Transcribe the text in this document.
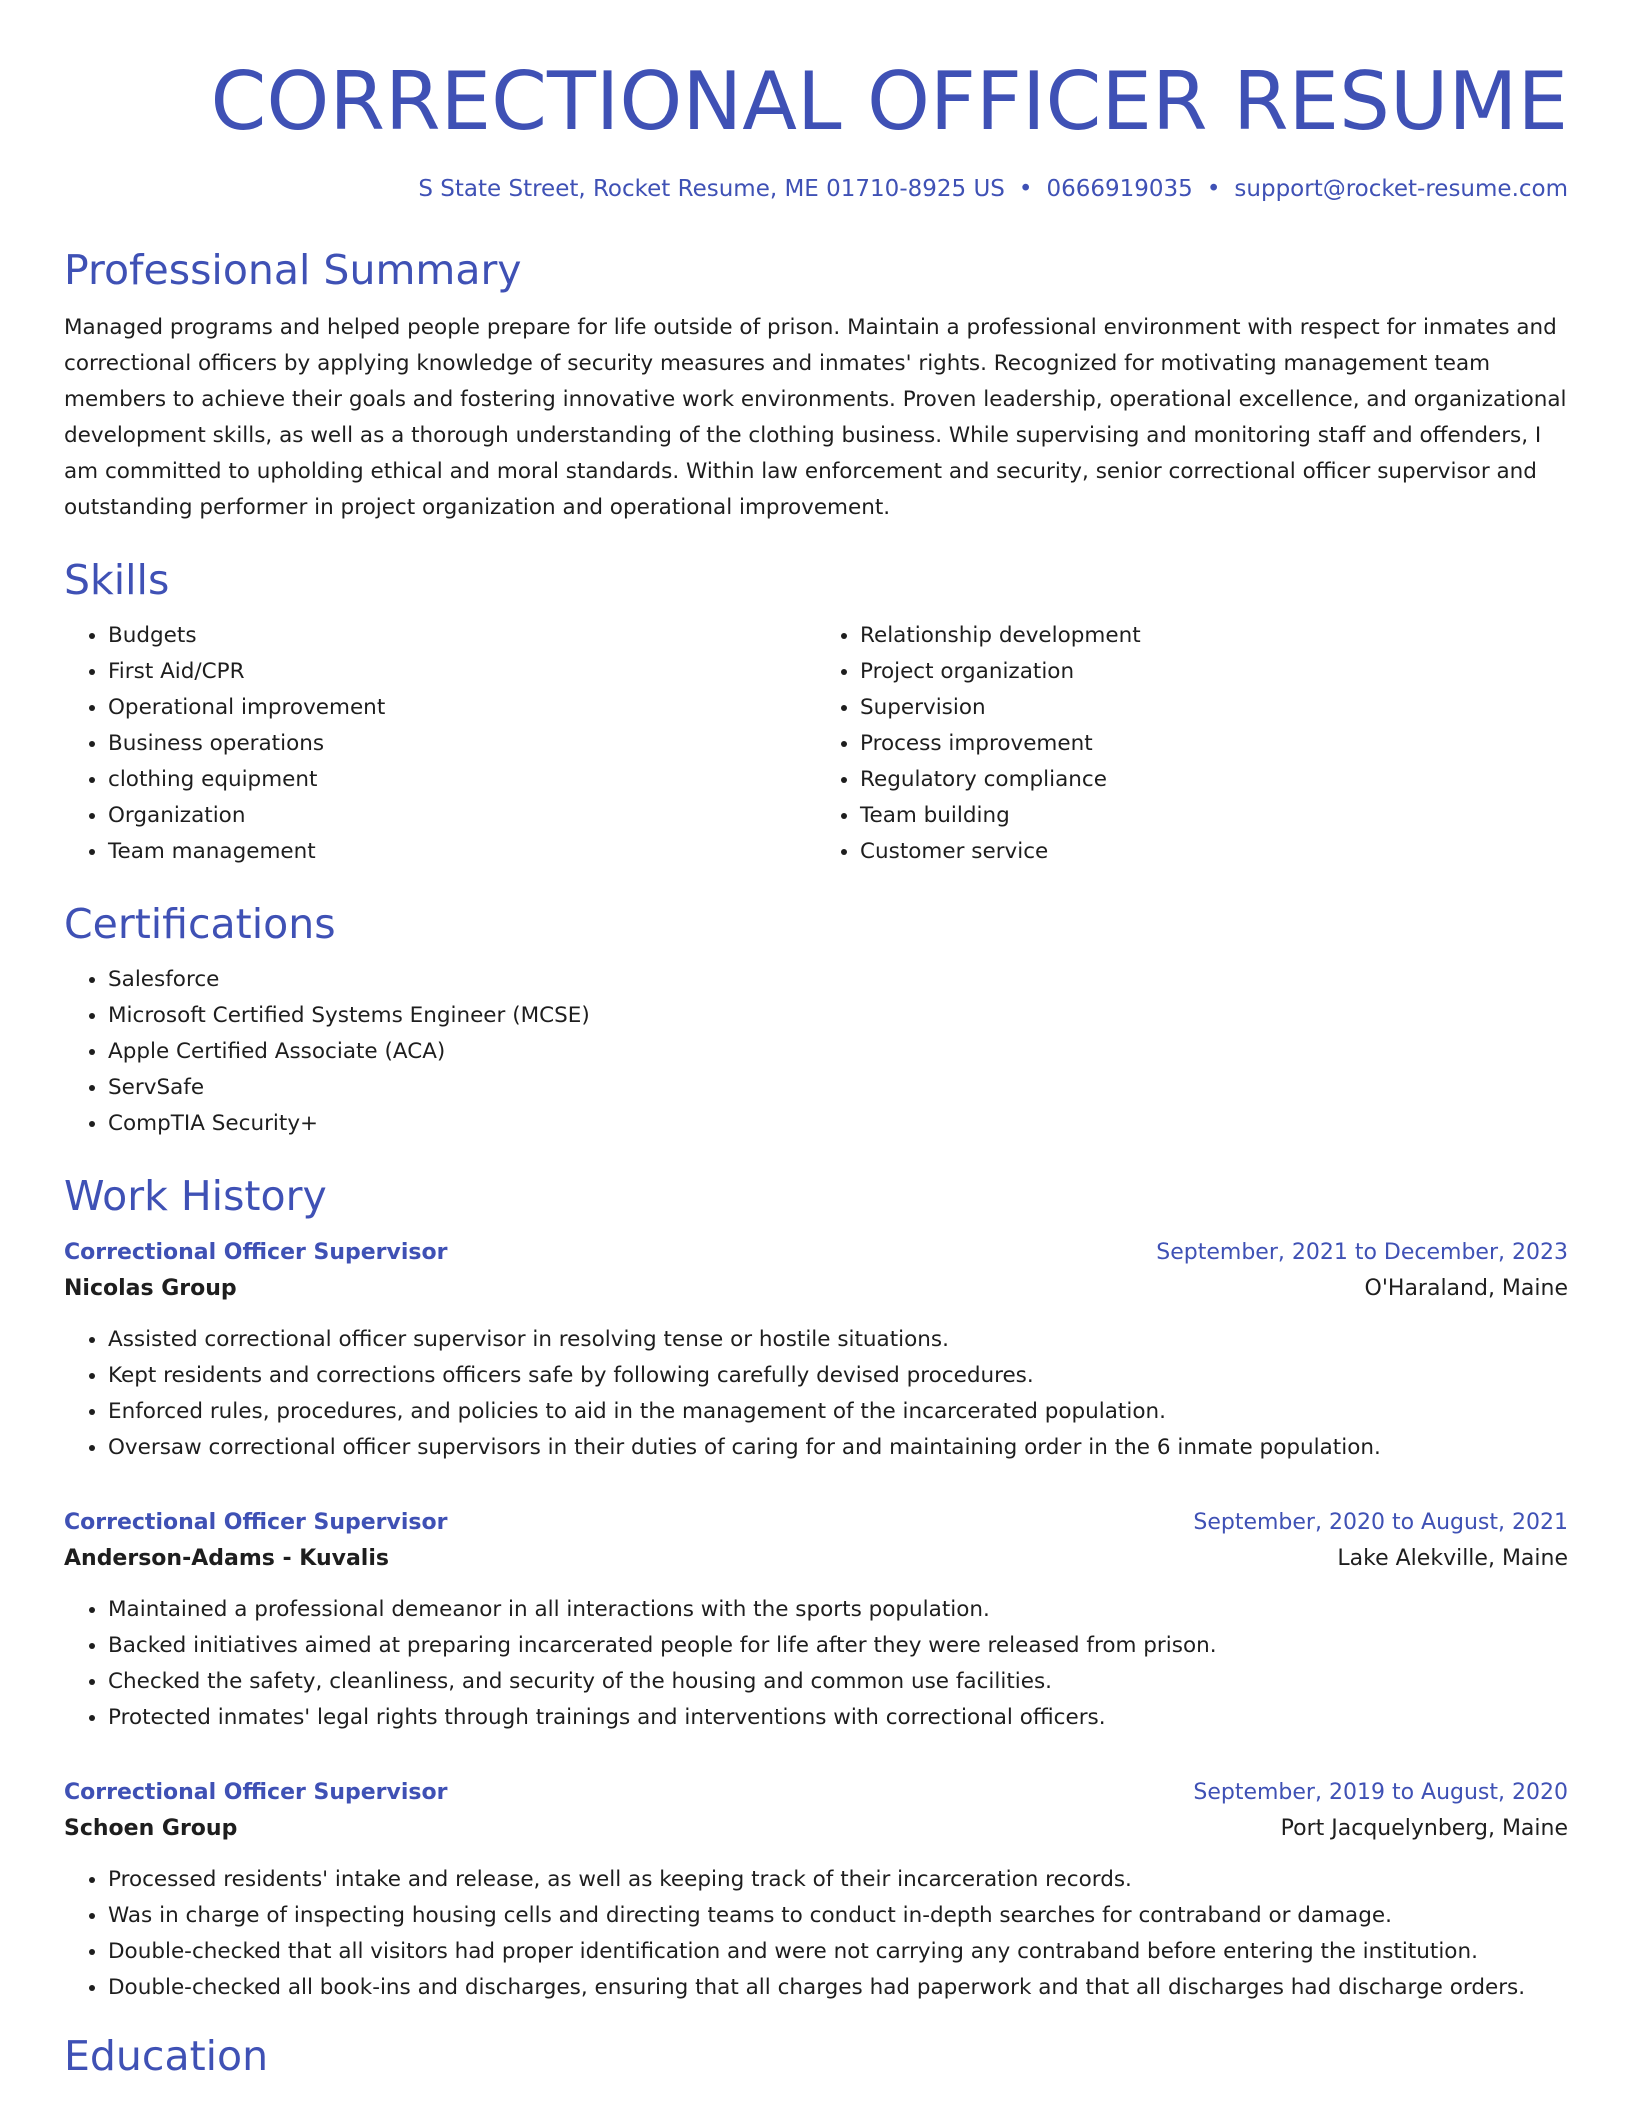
CORRECTIONAL OFFICER RESUME
S State Street, Rocket Resume, ME 01710-8925 US • 0666919035 • support@rocket-resume.com
Professional Summary
Managed programs and helped people prepare for life outside of prison. Maintain a professional environment with respect for inmates and correctional officers by applying knowledge of security measures and inmates' rights. Recognized for motivating management team members to achieve their goals and fostering innovative work environments. Proven leadership, operational excellence, and organizational development skills, as well as a thorough understanding of the clothing business. While supervising and monitoring staff and offenders, I am committed to upholding ethical and moral standards. Within law enforcement and security, senior correctional officer supervisor and outstanding performer in project organization and operational improvement.
Skills
• Budgets
• First Aid/CPR
• Operational improvement
• Business operations
• clothing equipment
• Organization
• Team management
• Relationship development
• Project organization
• Supervision
• Process improvement
• Regulatory compliance
• Team building
• Customer service
Certifications
• Salesforce
• Microsoft Certified Systems Engineer (MCSE)
• Apple Certified Associate (ACA)
• ServSafe
• CompTIA Security+
Work History
Correctional Officer Supervisor	September, 2021 to December, 2023
Nicolas Group	O'Haraland, Maine
• Assisted correctional officer supervisor in resolving tense or hostile situations.
• Kept residents and corrections officers safe by following carefully devised procedures.
• Enforced rules, procedures, and policies to aid in the management of the incarcerated population.
• Oversaw correctional officer supervisors in their duties of caring for and maintaining order in the 6 inmate population.
Correctional Officer Supervisor	September, 2020 to August, 2021
Anderson-Adams - Kuvalis	Lake Alekville, Maine
• Maintained a professional demeanor in all interactions with the sports population.
• Backed initiatives aimed at preparing incarcerated people for life after they were released from prison.
• Checked the safety, cleanliness, and security of the housing and common use facilities.
• Protected inmates' legal rights through trainings and interventions with correctional officers.
Correctional Officer Supervisor	September, 2019 to August, 2020
Schoen Group	Port Jacquelynberg, Maine
• Processed residents' intake and release, as well as keeping track of their incarceration records.
• Was in charge of inspecting housing cells and directing teams to conduct in-depth searches for contraband or damage.
• Double-checked that all visitors had proper identification and were not carrying any contraband before entering the institution.
• Double-checked all book-ins and discharges, ensuring that all charges had paperwork and that all discharges had discharge orders.
Education
